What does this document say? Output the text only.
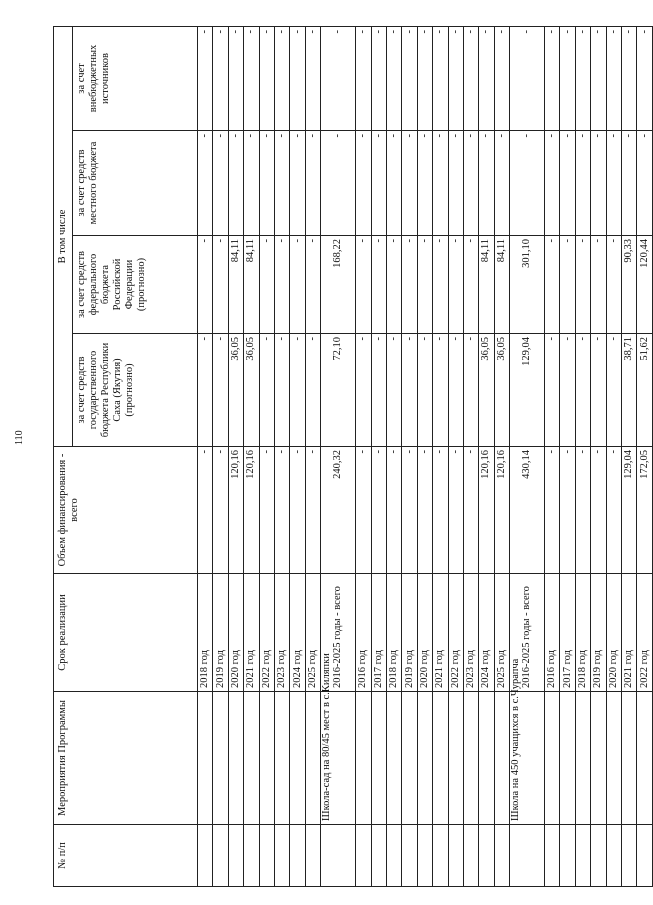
110
№ п/п	Мероприятия Программы	Срок реализации	Объем финансирования - всего	В том числе			
				за счет средств государственного бюджета Республики Саха (Якутия) (прогнозно)	за счет средств федерального бюджета Российской Федерации (прогнозно)	за счет средств местного бюджета	за счет внебюджетных источников
		2018 год	-	-	-	-	-
		2019 год	-	-	-	-	-
		2020 год	120,16	36,05	84,11	-	-
		2021 год	120,16	36,05	84,11	-	-
		2022 год	-	-	-	-	-
		2023 год	-	-	-	-	-
		2024 год	-	-	-	-	-
		2025 год	-	-	-	-	-
	Школа-сад на 80/45 мест в с.Киляпки	2016-2025 годы - всего	240,32	72,10	168,22	-	-
		2016 год	-	-	-	-	-
		2017 год	-	-	-	-	-
		2018 год	-	-	-	-	-
		2019 год	-	-	-	-	-
		2020 год	-	-	-	-	-
		2021 год	-	-	-	-	-
		2022 год	-	-	-	-	-
		2023 год	-	-	-	-	-
		2024 год	120,16	36,05	84,11	-	-
		2025 год	120,16	36,05	84,11	-	-
	Школа на 450 учащихся в с.Чурапча	2016-2025 годы - всего	430,14	129,04	301,10	-	-
		2016 год	-	-	-	-	-
		2017 год	-	-	-	-	-
		2018 год	-	-	-	-	-
		2019 год	-	-	-	-	-
		2020 год	-	-	-	-	-
		2021 год	129,04	38,71	90,33	-	-
		2022 год	172,05	51,62	120,44	-	-
